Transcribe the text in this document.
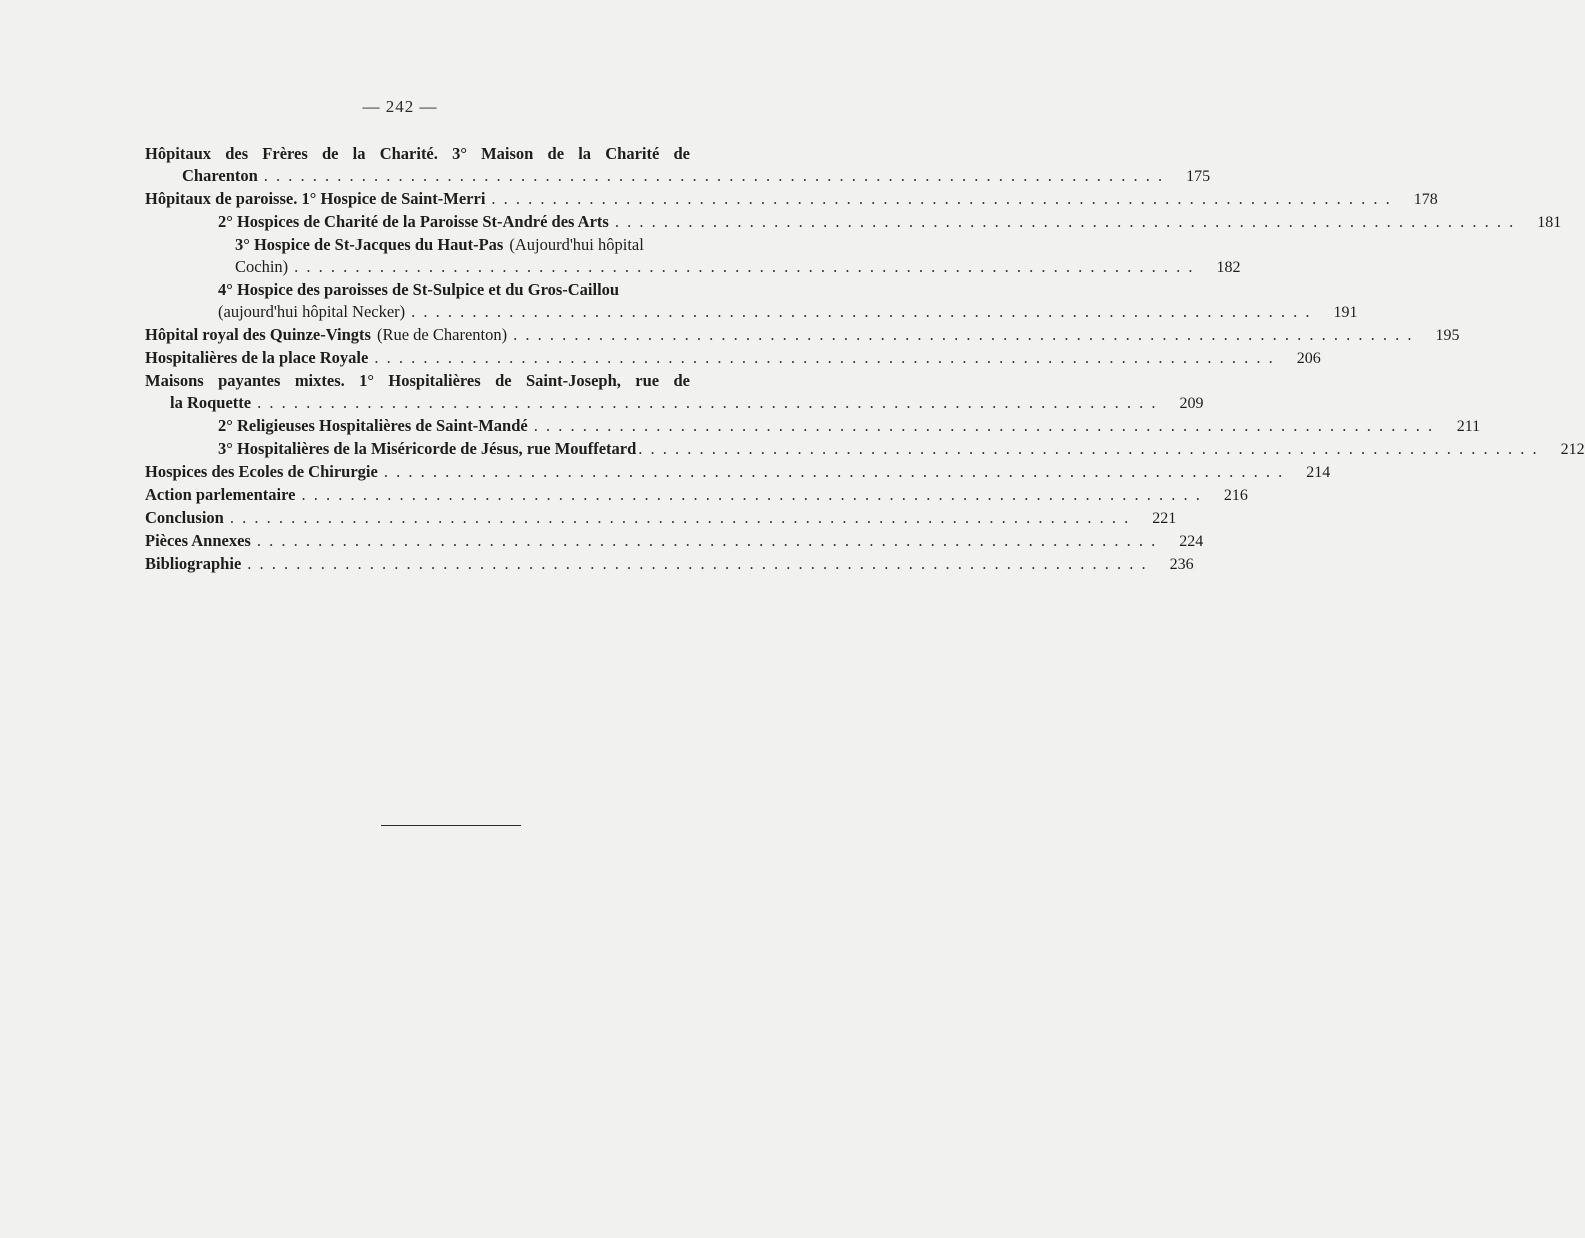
— 242 —
Hôpitaux des Frères de la Charité. 3° Maison de la Charité de
Charenton . . .	175
Hôpitaux de paroisse. 1° Hospice de Saint-Merri . . .	178
2° Hospices de Charité de la Paroisse St-André des Arts . . .	181
3° Hospice de St-Jacques du Haut-Pas (Aujourd'hui hôpital
Cochin) . . .	182
4° Hospice des paroisses de St-Sulpice et du Gros-Caillou
(aujourd'hui hôpital Necker) . . .	191
Hôpital royal des Quinze-Vingts (Rue de Charenton) . . .	195
Hospitalières de la place Royale . . .	206
Maisons payantes mixtes. 1° Hospitalières de Saint-Joseph, rue de
la Roquette . . .	209
2° Religieuses Hospitalières de Saint-Mandé . . .	211
3° Hospitalières de la Miséricorde de Jésus, rue Mouffetard . . .	212
Hospices des Ecoles de Chirurgie . . .	214
Action parlementaire . . .	216
Conclusion . . .	221
Pièces Annexes . . .	224
Bibliographie . . .	236
